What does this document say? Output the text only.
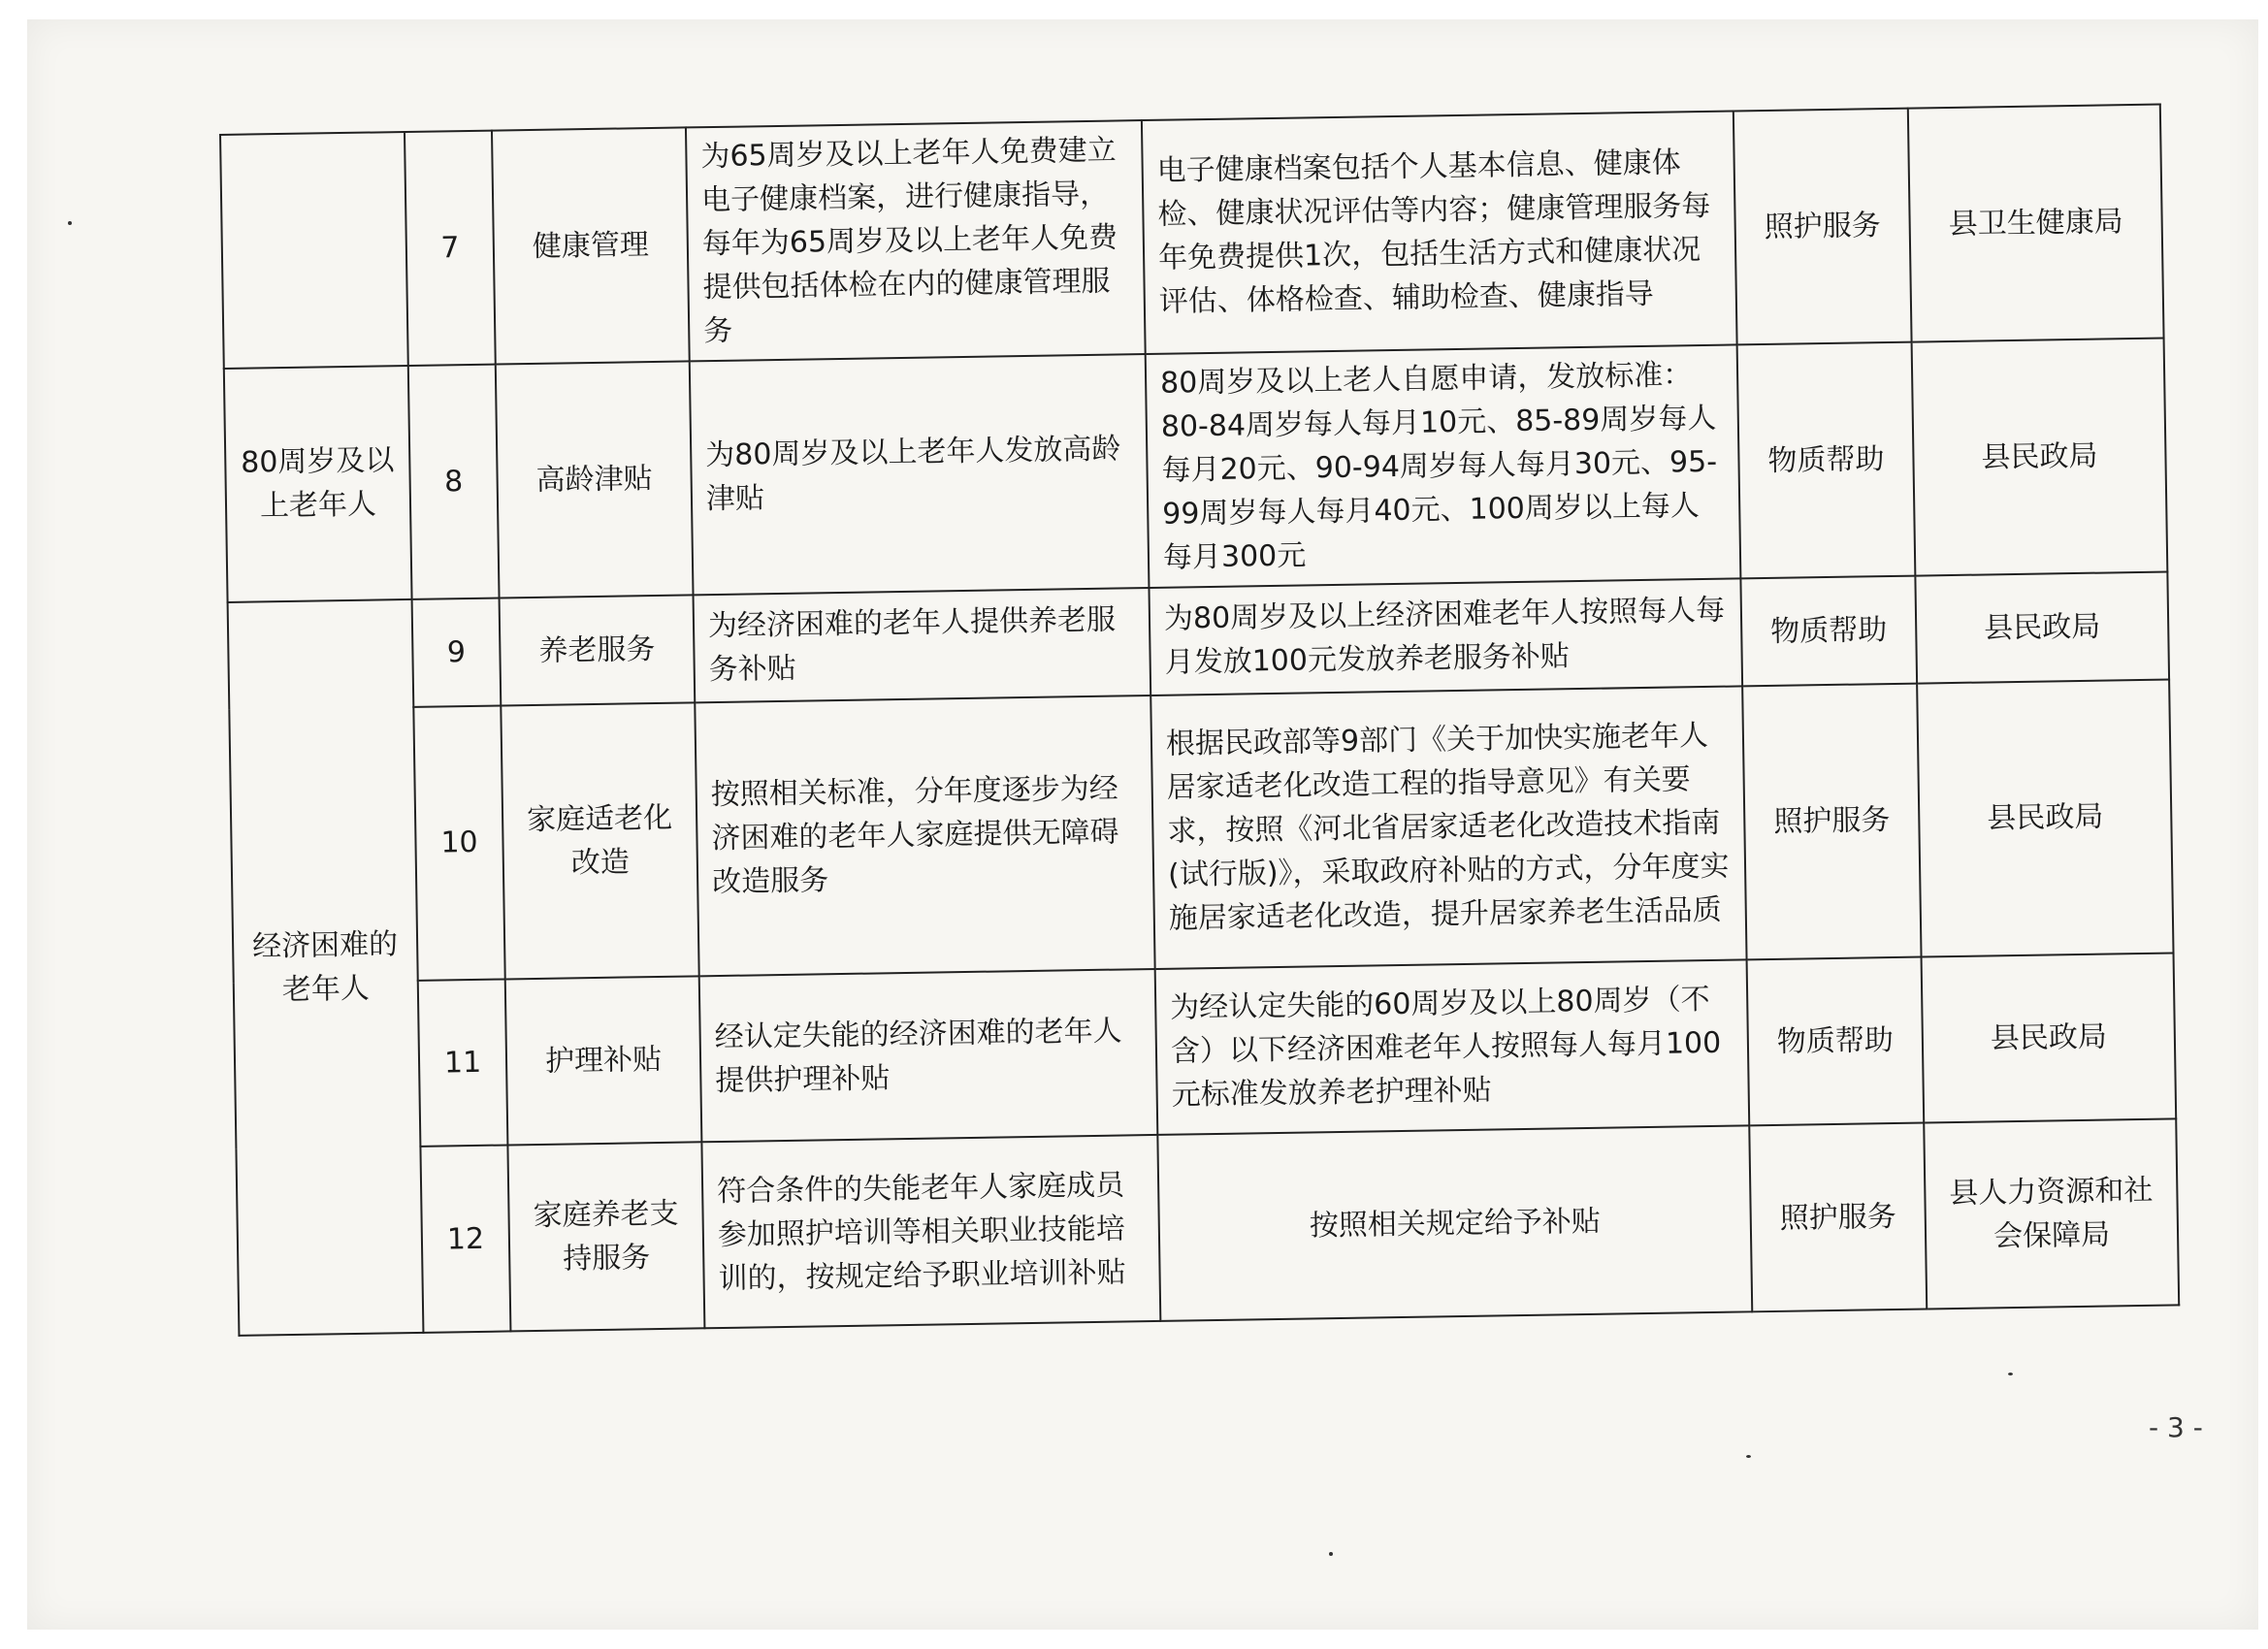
	7	健康管理	为65周岁及以上老年人免费建立电子健康档案，进行健康指导，每年为65周岁及以上老年人免费提供包括体检在内的健康管理服务	电子健康档案包括个人基本信息、健康体检、健康状况评估等内容；健康管理服务每年免费提供1次，包括生活方式和健康状况评估、体格检查、辅助检查、健康指导	照护服务	县卫生健康局
80周岁及以上老年人	8	高龄津贴	为80周岁及以上老年人发放高龄津贴	80周岁及以上老人自愿申请，发放标准：80-84周岁每人每月10元、85-89周岁每人每月20元、90-94周岁每人每月30元、95-99周岁每人每月40元、100周岁以上每人每月300元	物质帮助	县民政局
经济困难的老年人	9	养老服务	为经济困难的老年人提供养老服务补贴	为80周岁及以上经济困难老年人按照每人每月发放100元发放养老服务补贴	物质帮助	县民政局
	10	家庭适老化改造	按照相关标准，分年度逐步为经济困难的老年人家庭提供无障碍改造服务	根据民政部等9部门《关于加快实施老年人居家适老化改造工程的指导意见》有关要求，按照《河北省居家适老化改造技术指南(试行版)》，采取政府补贴的方式，分年度实施居家适老化改造，提升居家养老生活品质	照护服务	县民政局
	11	护理补贴	经认定失能的经济困难的老年人提供护理补贴	为经认定失能的60周岁及以上80周岁（不含）以下经济困难老年人按照每人每月100元标准发放养老护理补贴	物质帮助	县民政局
	12	家庭养老支持服务	符合条件的失能老年人家庭成员参加照护培训等相关职业技能培训的，按规定给予职业培训补贴	按照相关规定给予补贴	照护服务	县人力资源和社会保障局
- 3 -
